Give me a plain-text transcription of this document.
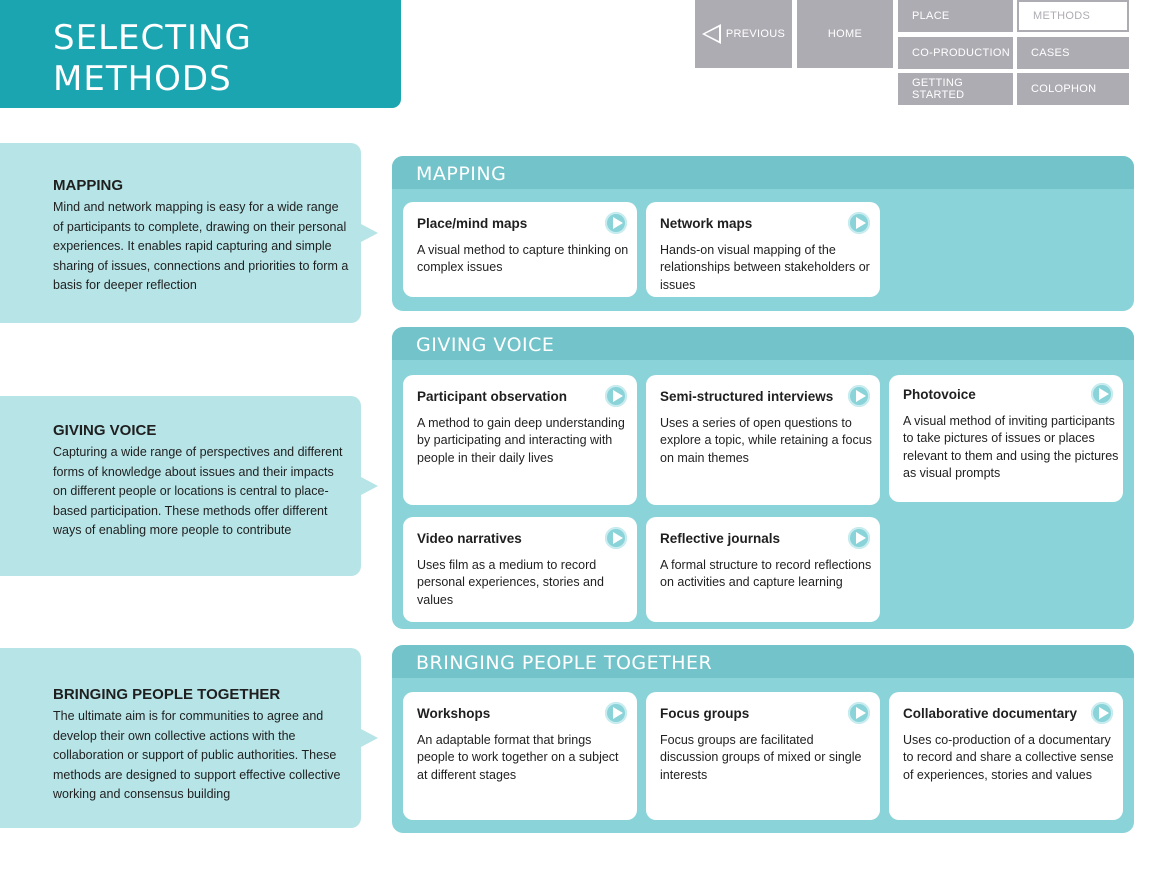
SELECTING
METHODS
PREVIOUS	HOME
PLACE	METHODS
CO-PRODUCTION CASES
GETTING STARTED	COLOPHON
MAPPING
Mind and network mapping is easy for a wide range of participants to complete, drawing on their personal experiences. It enables rapid capturing and simple sharing of issues, connections and priorities to form a basis for deeper reflection
GIVING VOICE
Capturing a wide range of perspectives and different forms of knowledge about issues and their impacts on different people or locations is central to place-based participation. These methods offer different ways of enabling more people to contribute
BRINGING PEOPLE TOGETHER
The ultimate aim is for communities to agree and develop their own collective actions with the collaboration or support of public authorities. These methods are designed to support effective collective working and consensus building
MAPPING
Place/mind maps
A visual method to capture thinking on complex issues
Network maps
Hands-on visual mapping of the relationships between stakeholders or issues
GIVING VOICE
Participant observation
A method to gain deep understanding by participating and interacting with people in their daily lives
Semi-structured interviews
Uses a series of open questions to explore a topic, while retaining a focus on main themes
Photovoice
A visual method of inviting participants to take pictures of issues or places relevant to them and using the pictures as visual prompts
Video narratives
Uses film as a medium to record personal experiences, stories and values
Reflective journals
A formal structure to record reflections on activities and capture learning
BRINGING PEOPLE TOGETHER
Workshops
An adaptable format that brings people to work together on a subject at different stages
Focus groups
Focus groups are facilitated discussion groups of mixed or single interests
Collaborative documentary
Uses co-production of a documentary to record and share a collective sense of experiences, stories and values
